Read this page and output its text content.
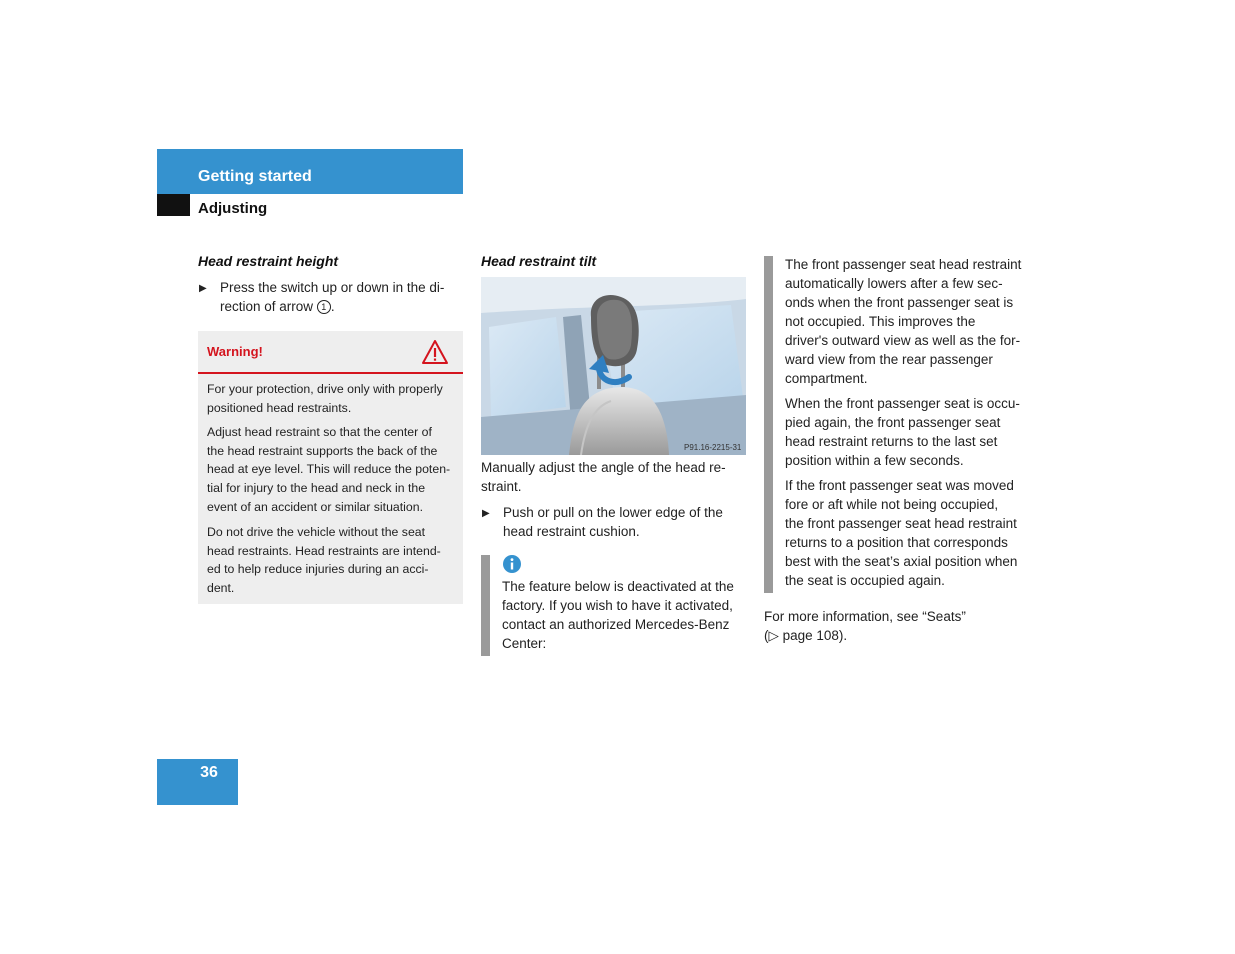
Getting started
Adjusting
Head restraint height
▶ Press the switch up or down in the di-
rection of arrow 1 .
Warning!
For your protection, drive only with properly
positioned head restraints.
Adjust head restraint so that the center of
the head restraint supports the back of the
head at eye level. This will reduce the poten-
tial for injury to the head and neck in the
event of an accident or similar situation.
Do not drive the vehicle without the seat
head restraints. Head restraints are intend-
ed to help reduce injuries during an acci-
dent.
Head restraint tilt
P91.16-2215-31
Manually adjust the angle of the head re-
straint.
▶ Push or pull on the lower edge of the
head restraint cushion.
The feature below is deactivated at the
factory. If you wish to have it activated,
contact an authorized Mercedes-Benz
Center:
The front passenger seat head restraint
automatically lowers after a few sec-
onds when the front passenger seat is
not occupied. This improves the
driver's outward view as well as the for-
ward view from the rear passenger
compartment.
When the front passenger seat is occu-
pied again, the front passenger seat
head restraint returns to the last set
position within a few seconds.
If the front passenger seat was moved
fore or aft while not being occupied,
the front passenger seat head restraint
returns to a position that corresponds
best with the seat’s axial position when
the seat is occupied again.
For more information, see “Seats”
(▷ page 108).
36
